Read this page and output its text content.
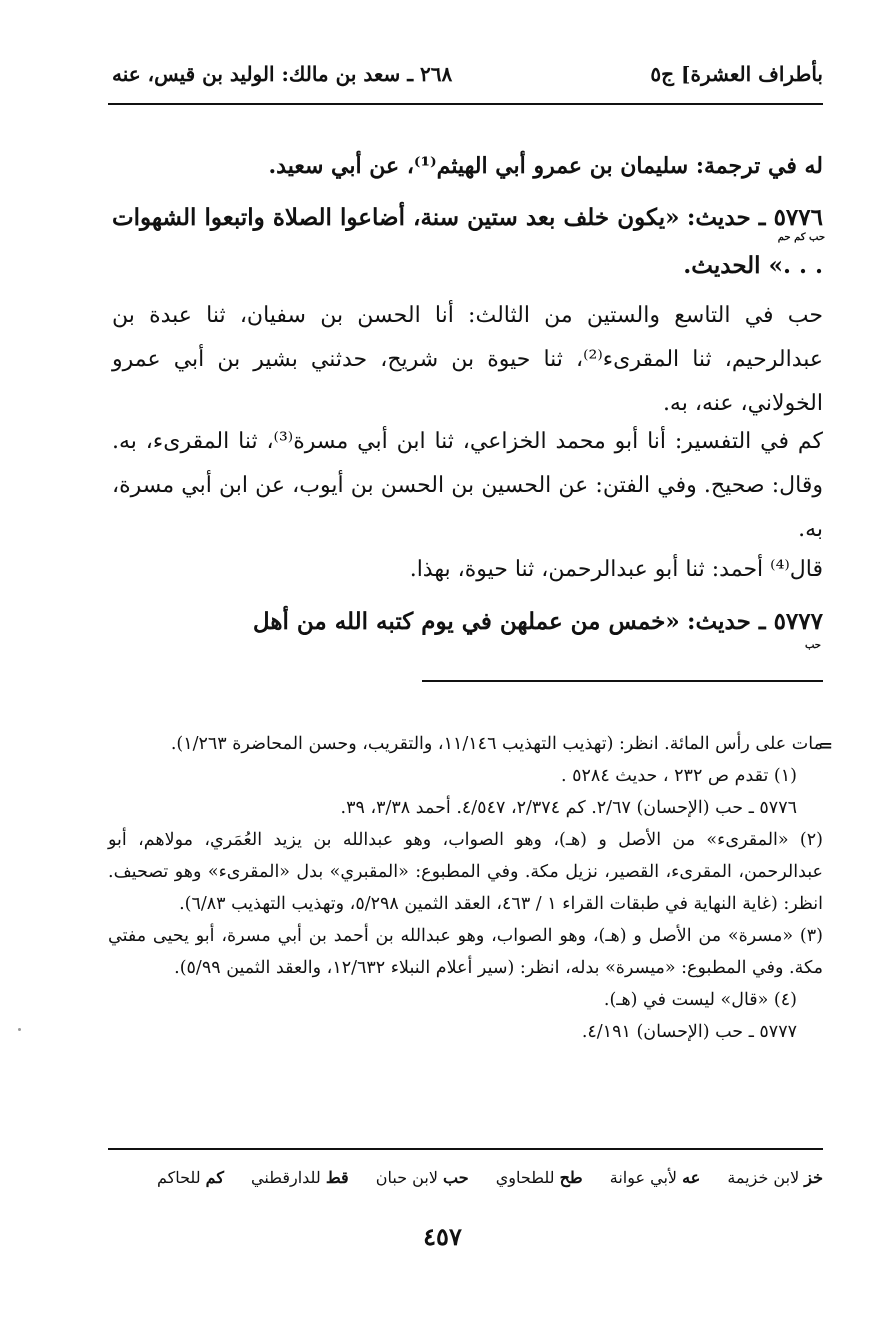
بأطراف العشرة] ج٥
٢٦٨ ـ سعد بن مالك: الوليد بن قيس، عنه
له في ترجمة: سليمان بن عمرو أبي الهيثم⁽¹⁾، عن أبي سعيد.
حب كم حم
٥٧٧٦ ـ حديث: «يكون خلف بعد ستين سنة، أضاعوا الصلاة واتبعوا الشهوات . . .» الحديث.
حب في التاسع والستين من الثالث: أنا الحسن بن سفيان، ثنا عبدة بن عبدالرحيم، ثنا المقرىء⁽²⁾، ثنا حيوة بن شريح، حدثني بشير بن أبي عمرو الخولاني، عنه، به.
كم في التفسير: أنا أبو محمد الخزاعي، ثنا ابن أبي مسرة⁽³⁾، ثنا المقرىء، به. وقال: صحيح. وفي الفتن: عن الحسين بن الحسن بن أيوب، عن ابن أبي مسرة، به.
قال⁽⁴⁾ أحمد: ثنا أبو عبدالرحمن، ثنا حيوة، بهذا.
٥٧٧٧ ـ حديث: «خمس من عملهن في يوم كتبه الله من أهل
حب
=
مات على رأس المائة. انظر: (تهذيب التهذيب ١١/١٤٦، والتقريب، وحسن المحاضرة ١/٢٦٣).
(١) تقدم ص ٢٣٢ ، حديث ٥٢٨٤ .
٥٧٧٦ ـ حب (الإحسان) ٢/٦٧. كم ٢/٣٧٤، ٤/٥٤٧. أحمد ٣/٣٨، ٣٩.
(٢) «المقرىء» من الأصل و (هـ)، وهو الصواب، وهو عبدالله بن يزيد العُمَري، مولاهم، أبو عبدالرحمن، المقرىء، القصير، نزيل مكة. وفي المطبوع: «المقبري» بدل «المقرىء» وهو تصحيف. انظر: (غاية النهاية في طبقات القراء ١ / ٤٦٣، العقد الثمين ٥/٢٩٨، وتهذيب التهذيب ٦/٨٣).
(٣) «مسرة» من الأصل و (هـ)، وهو الصواب، وهو عبدالله بن أحمد بن أبي مسرة، أبو يحيى مفتي مكة. وفي المطبوع: «ميسرة» بدله، انظر: (سير أعلام النبلاء ١٢/٦٣٢، والعقد الثمين ٥/٩٩).
(٤) «قال» ليست في (هـ).
٥٧٧٧ ـ حب (الإحسان) ٤/١٩١.
خز لابن خزيمة عه لأبي عوانة طح للطحاوي حب لابن حبان قط للدارقطني كم للحاكم
٤٥٧
